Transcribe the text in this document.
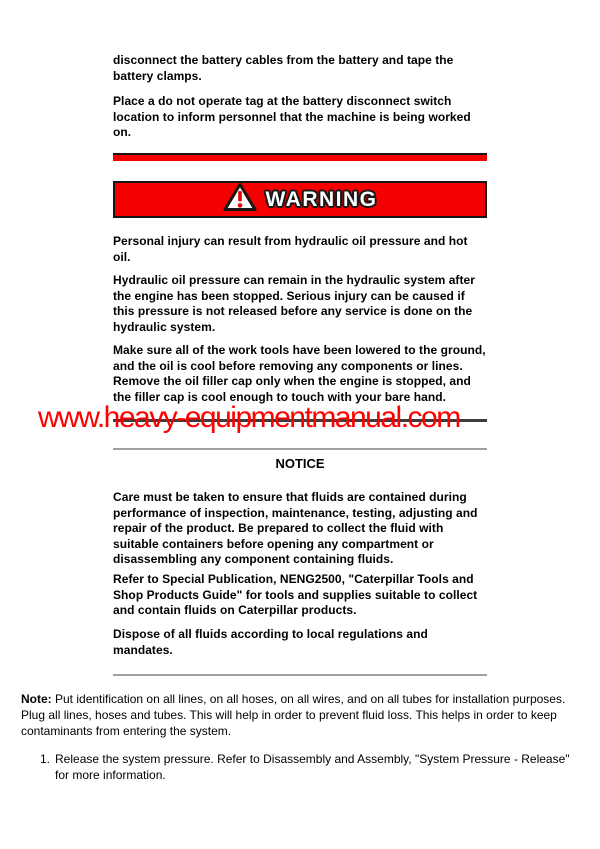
disconnect the battery cables from the battery and tape the battery clamps.
Place a do not operate tag at the battery disconnect switch location to inform personnel that the machine is being worked on.
WARNING
Personal injury can result from hydraulic oil pressure and hot oil.
Hydraulic oil pressure can remain in the hydraulic system after the engine has been stopped. Serious injury can be caused if this pressure is not released before any service is done on the hydraulic system.
Make sure all of the work tools have been lowered to the ground, and the oil is cool before removing any components or lines. Remove the oil filler cap only when the engine is stopped, and the filler cap is cool enough to touch with your bare hand.
www.heavy-equipmentmanual.com
NOTICE
Care must be taken to ensure that fluids are contained during performance of inspection, maintenance, testing, adjusting and repair of the product. Be prepared to collect the fluid with suitable containers before opening any compartment or disassembling any component containing fluids.
Refer to Special Publication, NENG2500, "Caterpillar Tools and Shop Products Guide" for tools and supplies suitable to collect and contain fluids on Caterpillar products.
Dispose of all fluids according to local regulations and mandates.
Note: Put identification on all lines, on all hoses, on all wires, and on all tubes for installation purposes. Plug all lines, hoses and tubes. This will help in order to prevent fluid loss. This helps in order to keep contaminants from entering the system.
1. Release the system pressure. Refer to Disassembly and Assembly, "System Pressure - Release" for more information.
